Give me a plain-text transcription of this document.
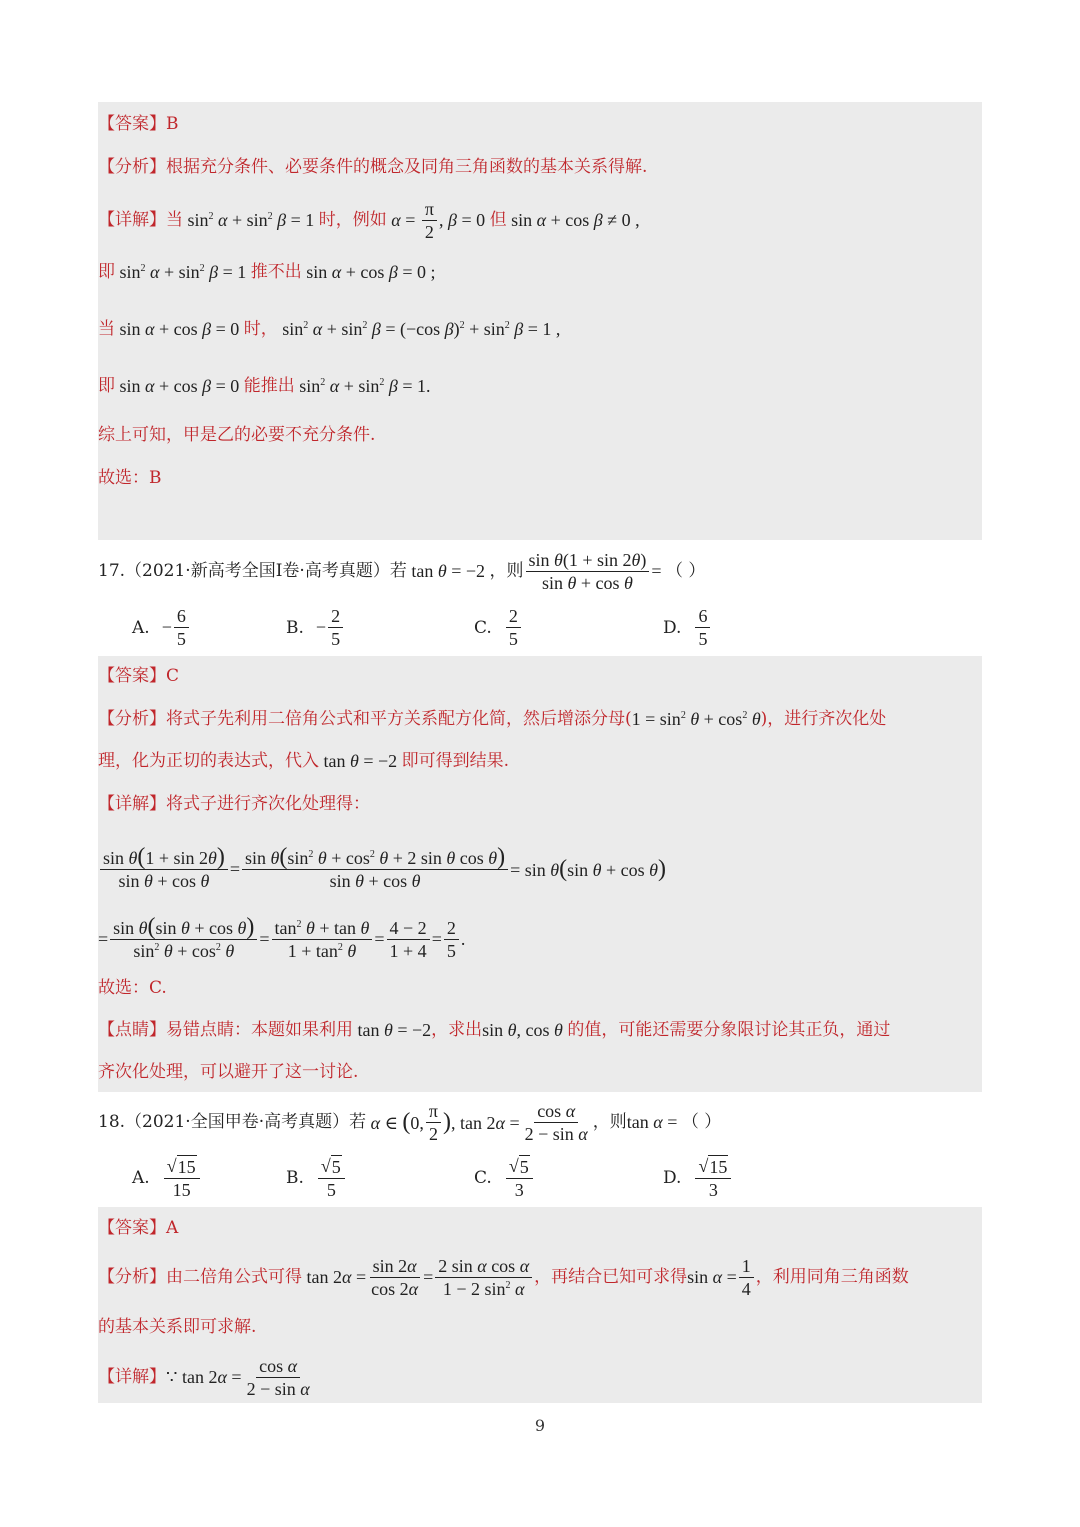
【答案】 B
【分析】 根据充分条件、必要条件的概念及同角三角函数的基本关系得解.
【详解】 当 $\sin^2 \alpha + \sin^2 \beta = 1$ 时，例如 $\alpha = \frac{\pi}{2}$ , β = 0 但 sin α + cos β ≠ 0 ,
即 $\sin^2 \alpha + \sin^2 \beta = 1$ 推不出 sin α + cos β = 0 ;
当 sin α + cos β = 0 时， $\sin^2 \alpha + \sin^2 \beta = (-\cos$ $\beta)^2 + \sin^2 \beta = 1$ ,
即 sin α + cos β = 0 能推出 $\sin^2 \alpha + \sin^2 \beta = 1$.
综上可知，甲是乙的必要不充分条件.
故选：B
17. （2021·新高考全国I卷·高考真题）若 tan θ = −2 ，则 $\frac{\text{sin θ(1 + sin 2θ)}}{\text{sin θ + cos θ}}$ = （ ）
A. − $\frac{6}{5}$	B. − $\frac{2}{5}$	C. $\frac{2}{5}$	D. $\frac{6}{5}$
【答案】 C
【分析】 将式子先利用二倍角公式和平方关系配方化简，然后增添分母( $1 = \sin^2 \theta + \cos^2 \theta$ )，进行齐次化处
理，化为正切的表达式，代入 tan θ = −2 即可得到结果.
【详解】 将式子进行齐次化处理得：
$\frac{\text{sin θ(1 + sin 2θ)}}{\text{sin θ + cos θ}} = \frac{\sin \theta(\sin^2 \theta + \cos^2 \theta + 2 \sin \theta \cos \theta)}{\text{sin θ + cos θ}} = \sin \theta(\sin$ θ + cos θ)
= $\frac{\text{sin θ(sin θ + cos θ)}}{\sin^2 \theta + \cos^2 \theta} = \frac{\tan^2 \theta + \tan \theta}{1 + \tan^2 \theta} = \frac{4 - 2}{1 + 4} = \frac{2}{5}$ .
故选：C.
【点睛】 易错点睛：本题如果利用 tan θ = −2 ，求出 sin θ, cos θ 的值，可能还需要分象限讨论其正负，通过
齐次化处理，可以避开了这一讨论.
18. （2021·全国甲卷·高考真题）若 α ∈ (0, $\frac{\pi}{2}$ ), $\tan 2\alpha = \frac{\text{cos α}}{\text{2 − sin α}}$ ，则 tan α = （ ）
A. $\frac{√ 15}{15}$	B. $\frac{√ 5}{5}$	C. $\frac{√ 5}{3}$	D. $\frac{√ 15}{3}$
【答案】 A
【分析】 由二倍角公式可得 $\tan 2\alpha = \frac{\sin 2\alpha}{\cos 2\alpha} = \frac{\text{2 sin α cos α}}{1 - 2 \sin^2 \alpha}$ ，再结合已知可求得 $\sin \alpha = \frac{1}{4}$ ，利用同角三角函数
的基本关系即可求解.
【详解】 ∵ $\tan 2\alpha = \frac{\text{cos α}}{\text{2 − sin α}}$
9
